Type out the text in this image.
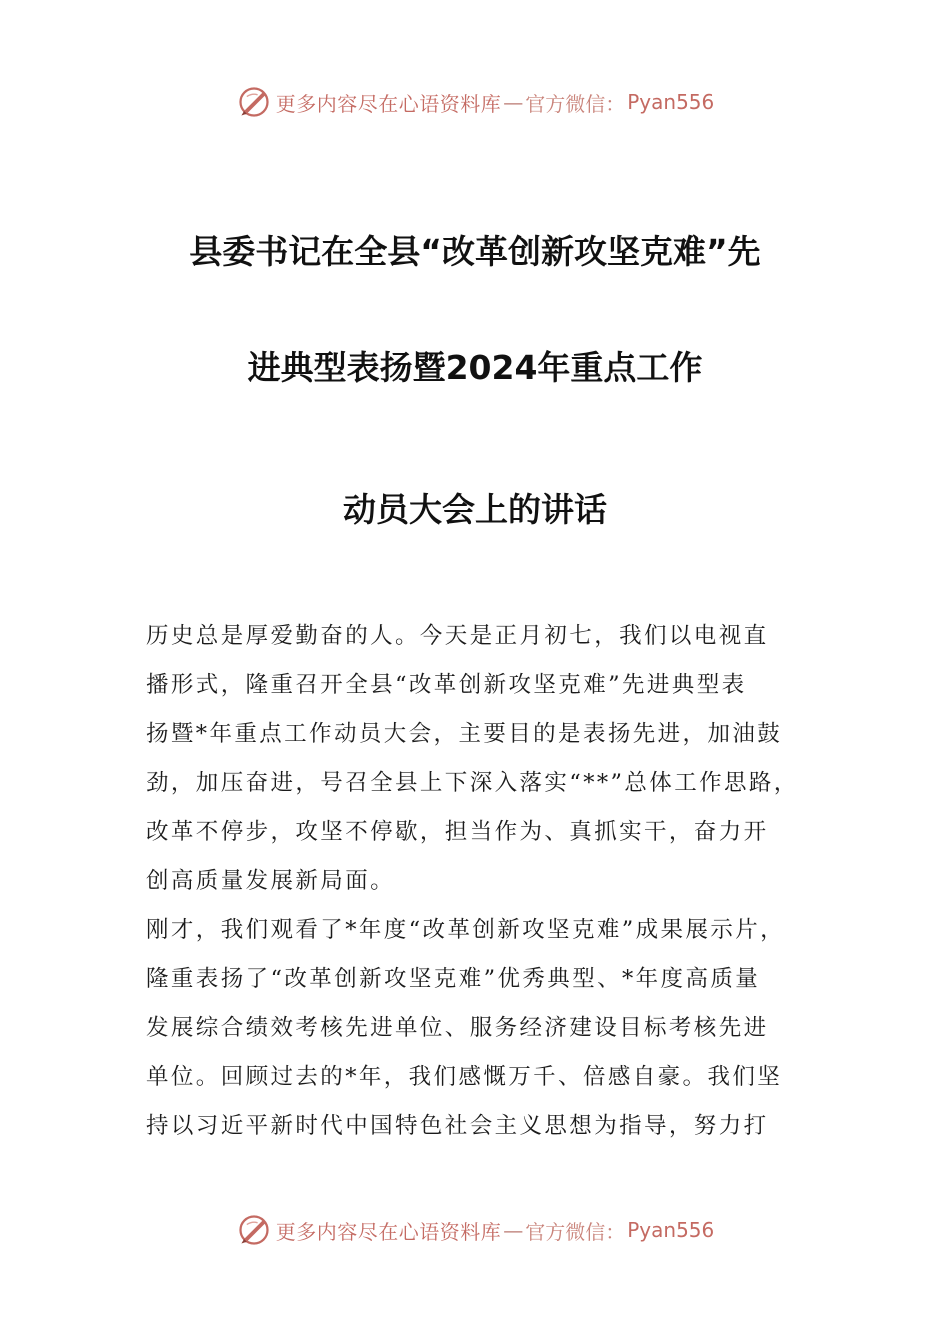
更多内容尽在心语资料库 — 官方微信： Pyan556
县委书记在全县“改革创新攻坚克难”先
进典型表扬暨2024年重点工作
动员大会上的讲话
历史总是厚爱勤奋的人。今天是正月初七，我们以电视直
播形式，隆重召开全县“改革创新攻坚克难”先进典型表
扬暨*年重点工作动员大会，主要目的是表扬先进，加油鼓
劲，加压奋进，号召全县上下深入落实“**”总体工作思路，
改革不停步，攻坚不停歇，担当作为、真抓实干，奋力开
创高质量发展新局面。
刚才，我们观看了*年度“改革创新攻坚克难”成果展示片，
隆重表扬了“改革创新攻坚克难”优秀典型、*年度高质量
发展综合绩效考核先进单位、服务经济建设目标考核先进
单位。回顾过去的*年，我们感慨万千、倍感自豪。我们坚
持以习近平新时代中国特色社会主义思想为指导，努力打
更多内容尽在心语资料库 — 官方微信： Pyan556
